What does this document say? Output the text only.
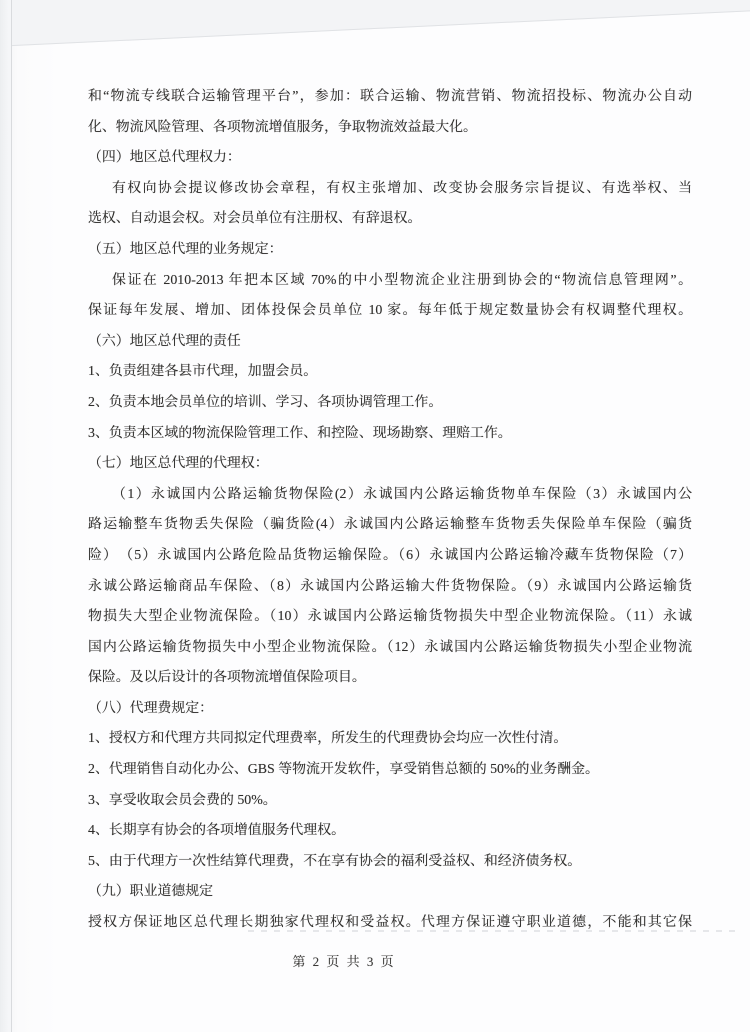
和“物流专线联合运输管理平台”，参加：联合运输、物流营销、物流招投标、物流办公自动
化、物流风险管理、各项物流增值服务，争取物流效益最大化。
（四）地区总代理权力：
有权向协会提议修改协会章程，有权主张增加、改变协会服务宗旨提议、有选举权、当
选权、自动退会权。对会员单位有注册权、有辞退权。
（五）地区总代理的业务规定：
保证在 2010-2013 年把本区域 70%的中小型物流企业注册到协会的“物流信息管理网”。
保证每年发展、增加、团体投保会员单位 10 家。每年低于规定数量协会有权调整代理权。
（六）地区总代理的责任
1、负责组建各县市代理，加盟会员。
2、负责本地会员单位的培训、学习、各项协调管理工作。
3、负责本区域的物流保险管理工作、和控险、现场勘察、理赔工作。
（七）地区总代理的代理权：
（1）永诚国内公路运输货物保险(2）永诚国内公路运输货物单车保险（3）永诚国内公
路运输整车货物丢失保险（骗货险(4）永诚国内公路运输整车货物丢失保险单车保险（骗货
险）　（5）永诚国内公路危险品货物运输保险。（6）永诚国内公路运输冷藏车货物保险（7）
永诚公路运输商品车保险、（8）永诚国内公路运输大件货物保险。（9）永诚国内公路运输货
物损失大型企业物流保险。（10）永诚国内公路运输货物损失中型企业物流保险。（11）永诚
国内公路运输货物损失中小型企业物流保险。（12）永诚国内公路运输货物损失小型企业物流
保险。及以后设计的各项物流增值保险项目。
（八）代理费规定：
1、授权方和代理方共同拟定代理费率，所发生的代理费协会均应一次性付清。
2、代理销售自动化办公、GBS 等物流开发软件，享受销售总额的 50%的业务酬金。
3、享受收取会员会费的 50%。
4、长期享有协会的各项增值服务代理权。
5、由于代理方一次性结算代理费，不在享有协会的福利受益权、和经济债务权。
（九）职业道德规定
授权方保证地区总代理长期独家代理权和受益权。代理方保证遵守职业道德，不能和其它保
第 2 页 共 3 页
